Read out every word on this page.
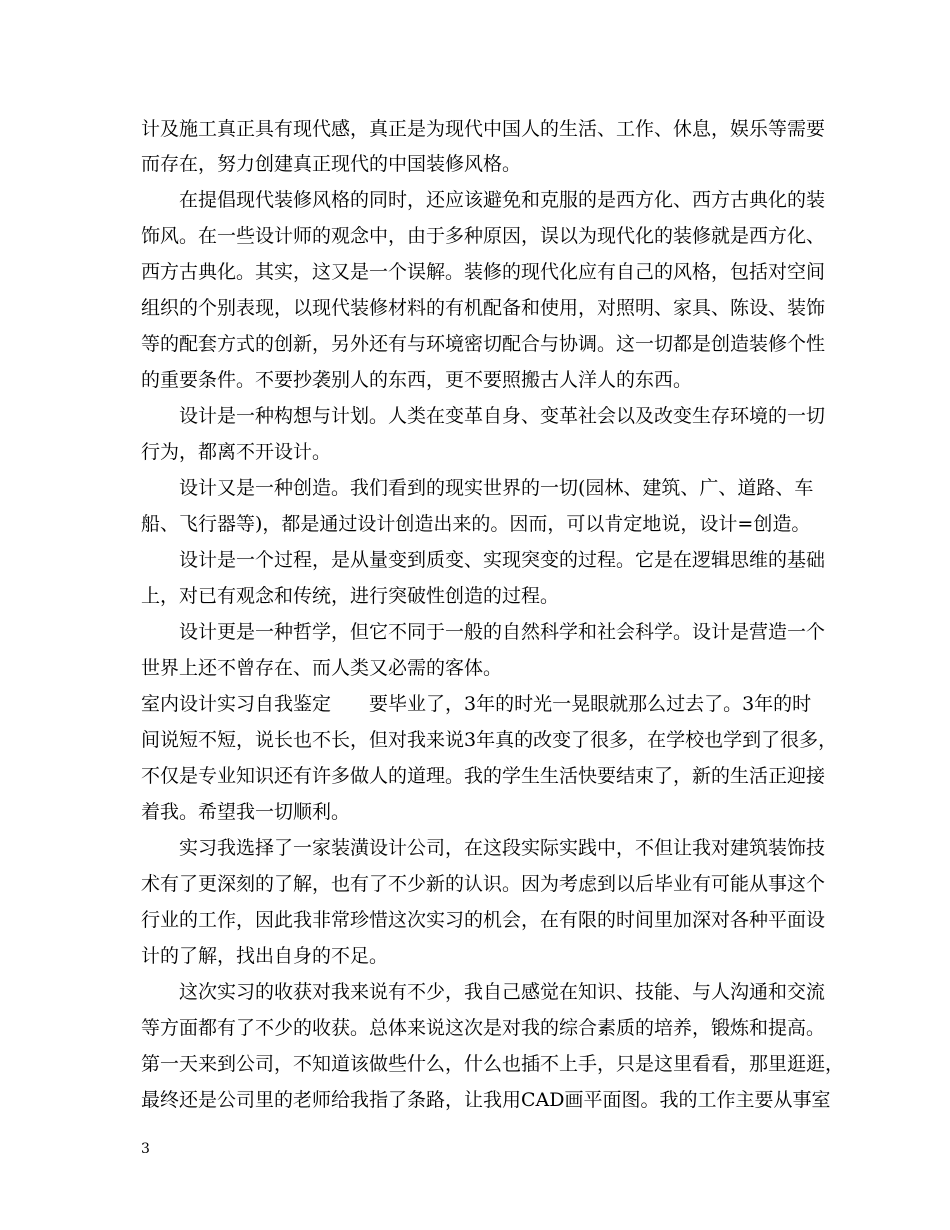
计及施工真正具有现代感，真正是为现代中国人的生活、工作、休息，娱乐等需要
而存在，努力创建真正现代的中国装修风格。
在提倡现代装修风格的同时，还应该避免和克服的是西方化、西方古典化的装
饰风。在一些设计师的观念中，由于多种原因，误以为现代化的装修就是西方化、
西方古典化。其实，这又是一个误解。装修的现代化应有自己的风格，包括对空间
组织的个别表现，以现代装修材料的有机配备和使用，对照明、家具、陈设、装饰
等的配套方式的创新，另外还有与环境密切配合与协调。这一切都是创造装修个性
的重要条件。不要抄袭别人的东西，更不要照搬古人洋人的东西。
设计是一种构想与计划。人类在变革自身、变革社会以及改变生存环境的一切
行为，都离不开设计。
设计又是一种创造。我们看到的现实世界的一切(园林、建筑、广、道路、车
船、飞行器等)，都是通过设计创造出来的。因而，可以肯定地说，设计=创造。
设计是一个过程，是从量变到质变、实现突变的过程。它是在逻辑思维的基础
上，对已有观念和传统，进行突破性创造的过程。
设计更是一种哲学，但它不同于一般的自然科学和社会科学。设计是营造一个
世界上还不曾存在、而人类又必需的客体。
室内设计实习自我鉴定　　要毕业了，3年的时光一晃眼就那么过去了。3年的时
间说短不短，说长也不长，但对我来说3年真的改变了很多，在学校也学到了很多，
不仅是专业知识还有许多做人的道理。我的学生生活快要结束了，新的生活正迎接
着我。希望我一切顺利。
实习我选择了一家装潢设计公司，在这段实际实践中，不但让我对建筑装饰技
术有了更深刻的了解，也有了不少新的认识。因为考虑到以后毕业有可能从事这个
行业的工作，因此我非常珍惜这次实习的机会，在有限的时间里加深对各种平面设
计的了解，找出自身的不足。
这次实习的收获对我来说有不少，我自己感觉在知识、技能、与人沟通和交流
等方面都有了不少的收获。总体来说这次是对我的综合素质的培养，锻炼和提高。
第一天来到公司，不知道该做些什么，什么也插不上手，只是这里看看，那里逛逛，
最终还是公司里的老师给我指了条路，让我用CAD画平面图。我的工作主要从事室
3
